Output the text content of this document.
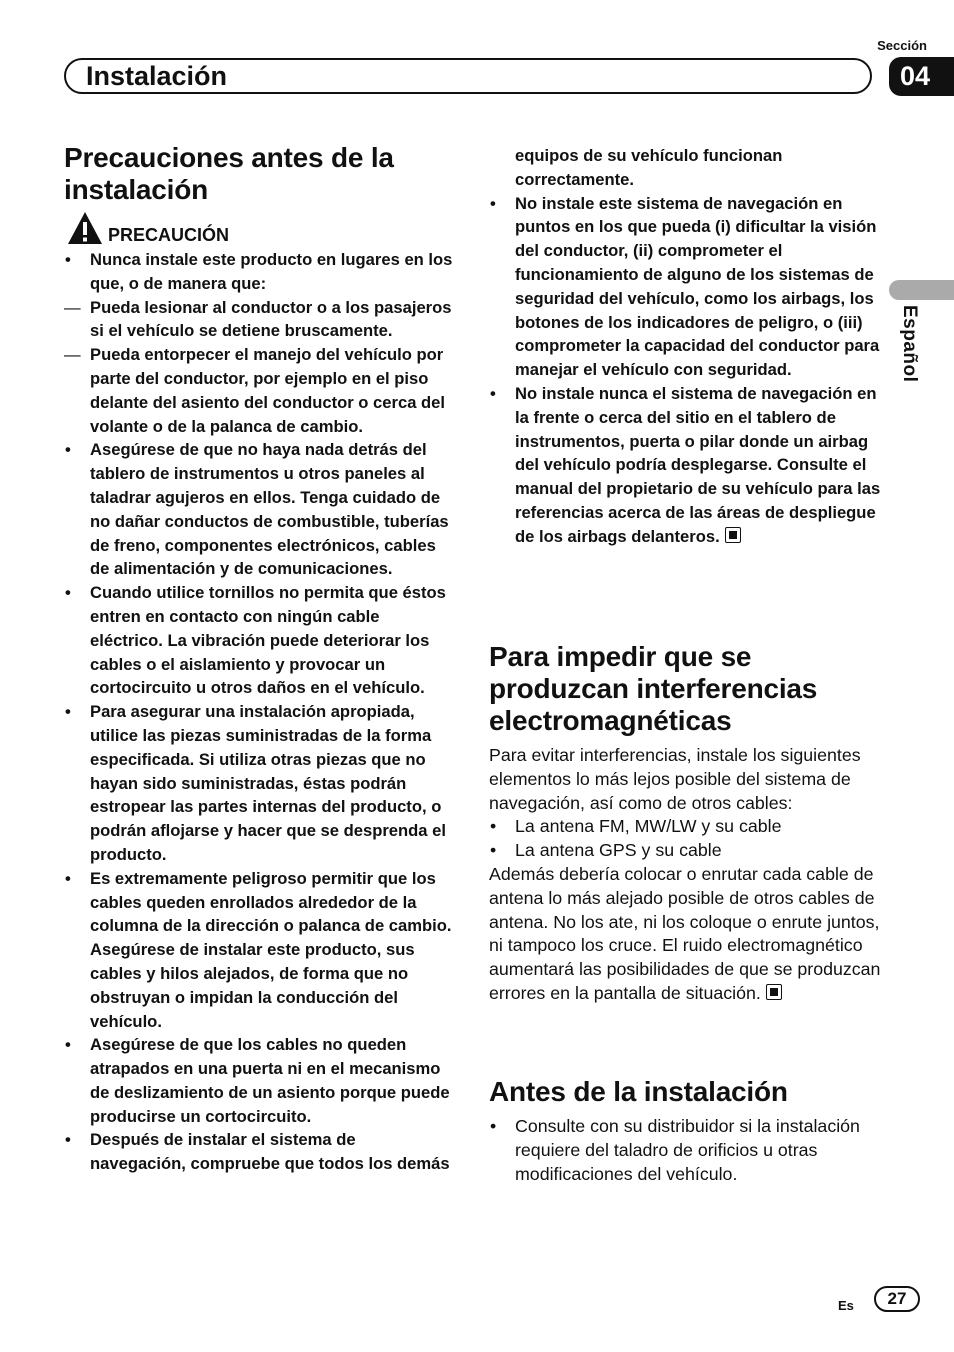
Sección
Instalación	04
Español
Precauciones antes de la instalación
PRECAUCIÓN
• Nunca instale este producto en lugares en los que, o de manera que:
— Pueda lesionar al conductor o a los pasajeros si el vehículo se detiene bruscamente.
— Pueda entorpecer el manejo del vehículo por parte del conductor, por ejemplo en el piso delante del asiento del conductor o cerca del volante o de la palanca de cambio.
• Asegúrese de que no haya nada detrás del tablero de instrumentos u otros paneles al taladrar agujeros en ellos. Tenga cuidado de no dañar conductos de combustible, tuberías de freno, componentes electrónicos, cables de alimentación y de comunicaciones.
• Cuando utilice tornillos no permita que éstos entren en contacto con ningún cable eléctrico. La vibración puede deteriorar los cables o el aislamiento y provocar un cortocircuito u otros daños en el vehículo.
• Para asegurar una instalación apropiada, utilice las piezas suministradas de la forma especificada. Si utiliza otras piezas que no hayan sido suministradas, éstas podrán estropear las partes internas del producto, o podrán aflojarse y hacer que se desprenda el producto.
• Es extremamente peligroso permitir que los cables queden enrollados alrededor de la columna de la dirección o palanca de cambio. Asegúrese de instalar este producto, sus cables y hilos alejados, de forma que no obstruyan o impidan la conducción del vehículo.
• Asegúrese de que los cables no queden atrapados en una puerta ni en el mecanismo de deslizamiento de un asiento porque puede producirse un cortocircuito.
• Después de instalar el sistema de navegación, compruebe que todos los demás

equipos de su vehículo funcionan correctamente.

• No instale este sistema de navegación en puntos en los que pueda (i) dificultar la visión del conductor, (ii) comprometer el funcionamiento de alguno de los sistemas de seguridad del vehículo, como los airbags, los botones de los indicadores de peligro, o (iii) comprometer la capacidad del conductor para manejar el vehículo con seguridad.
• No instale nunca el sistema de navegación en la frente o cerca del sitio en el tablero de instrumentos, puerta o pilar donde un airbag del vehículo podría desplegarse. Consulte el manual del propietario de su vehículo para las referencias acerca de las áreas de despliegue de los airbags delanteros.
Para impedir que se produzcan interferencias electromagnéticas

Para evitar interferencias, instale los siguientes elementos lo más lejos posible del sistema de navegación, así como de otros cables:

• La antena FM, MW/LW y su cable
• La antena GPS y su cable

Además debería colocar o enrutar cada cable de antena lo más alejado posible de otros cables de antena. No los ate, ni los coloque o enrute juntos, ni tampoco los cruce. El ruido electromagnético aumentará las posibilidades de que se produzcan errores en la pantalla de situación.

Antes de la instalación
• Consulte con su distribuidor si la instalación requiere del taladro de orificios u otras modificaciones del vehículo.
Es	27
